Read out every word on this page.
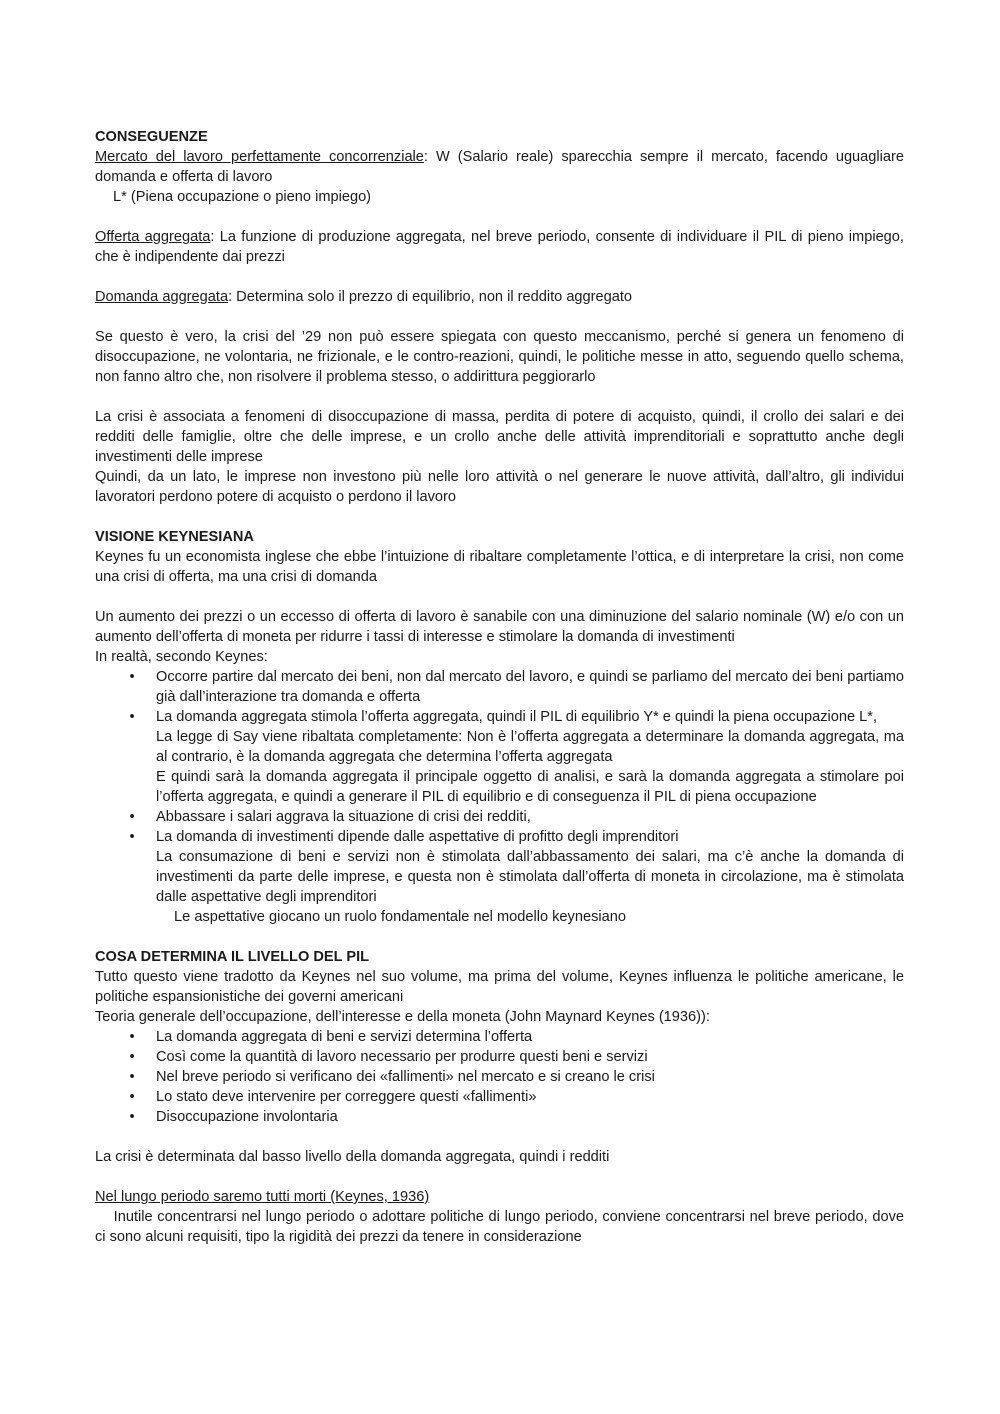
CONSEGUENZE

Mercato del lavoro perfettamente concorrenziale: W (Salario reale) sparecchia sempre il mercato, facendo uguagliare domanda e offerta di lavoro

L* (Piena occupazione o pieno impiego)

Offerta aggregata: La funzione di produzione aggregata, nel breve periodo, consente di individuare il PIL di pieno impiego, che è indipendente dai prezzi

Domanda aggregata: Determina solo il prezzo di equilibrio, non il reddito aggregato

Se questo è vero, la crisi del ’29 non può essere spiegata con questo meccanismo, perché si genera un fenomeno di disoccupazione, ne volontaria, ne frizionale, e le contro-reazioni, quindi, le politiche messe in atto, seguendo quello schema, non fanno altro che, non risolvere il problema stesso, o addirittura peggiorarlo

La crisi è associata a fenomeni di disoccupazione di massa, perdita di potere di acquisto, quindi, il crollo dei salari e dei redditi delle famiglie, oltre che delle imprese, e un crollo anche delle attività imprenditoriali e soprattutto anche degli investimenti delle imprese

Quindi, da un lato, le imprese non investono più nelle loro attività o nel generare le nuove attività, dall’altro, gli individui lavoratori perdono potere di acquisto o perdono il lavoro

VISIONE KEYNESIANA

Keynes fu un economista inglese che ebbe l’intuizione di ribaltare completamente l’ottica, e di interpretare la crisi, non come una crisi di offerta, ma una crisi di domanda

Un aumento dei prezzi o un eccesso di offerta di lavoro è sanabile con una diminuzione del salario nominale (W) e/o con un aumento dell’offerta di moneta per ridurre i tassi di interesse e stimolare la domanda di investimenti

In realtà, secondo Keynes:

• Occorre partire dal mercato dei beni, non dal mercato del lavoro, e quindi se parliamo del mercato dei beni partiamo già dall’interazione tra domanda e offerta
• La domanda aggregata stimola l’offerta aggregata, quindi il PIL di equilibrio Y* e quindi la piena occupazione L*,
La legge di Say viene ribaltata completamente: Non è l’offerta aggregata a determinare la domanda aggregata, ma al contrario, è la domanda aggregata che determina l’offerta aggregata
E quindi sarà la domanda aggregata il principale oggetto di analisi, e sarà la domanda aggregata a stimolare poi l’offerta aggregata, e quindi a generare il PIL di equilibrio e di conseguenza il PIL di piena occupazione
• Abbassare i salari aggrava la situazione di crisi dei redditi,
• La domanda di investimenti dipende dalle aspettative di profitto degli imprenditori
La consumazione di beni e servizi non è stimolata dall’abbassamento dei salari, ma c’è anche la domanda di investimenti da parte delle imprese, e questa non è stimolata dall’offerta di moneta in circolazione, ma è stimolata dalle aspettative degli imprenditori
Le aspettative giocano un ruolo fondamentale nel modello keynesiano

COSA DETERMINA IL LIVELLO DEL PIL

Tutto questo viene tradotto da Keynes nel suo volume, ma prima del volume, Keynes influenza le politiche americane, le politiche espansionistiche dei governi americani

Teoria generale dell’occupazione, dell’interesse e della moneta (John Maynard Keynes (1936)):

• La domanda aggregata di beni e servizi determina l’offerta
• Così come la quantità di lavoro necessario per produrre questi beni e servizi
• Nel breve periodo si verificano dei «fallimenti» nel mercato e si creano le crisi
• Lo stato deve intervenire per correggere questi «fallimenti»
• Disoccupazione involontaria

La crisi è determinata dal basso livello della domanda aggregata, quindi i redditi

Nel lungo periodo saremo tutti morti (Keynes, 1936)

Inutile concentrarsi nel lungo periodo o adottare politiche di lungo periodo, conviene concentrarsi nel breve periodo, dove ci sono alcuni requisiti, tipo la rigidità dei prezzi da tenere in considerazione
